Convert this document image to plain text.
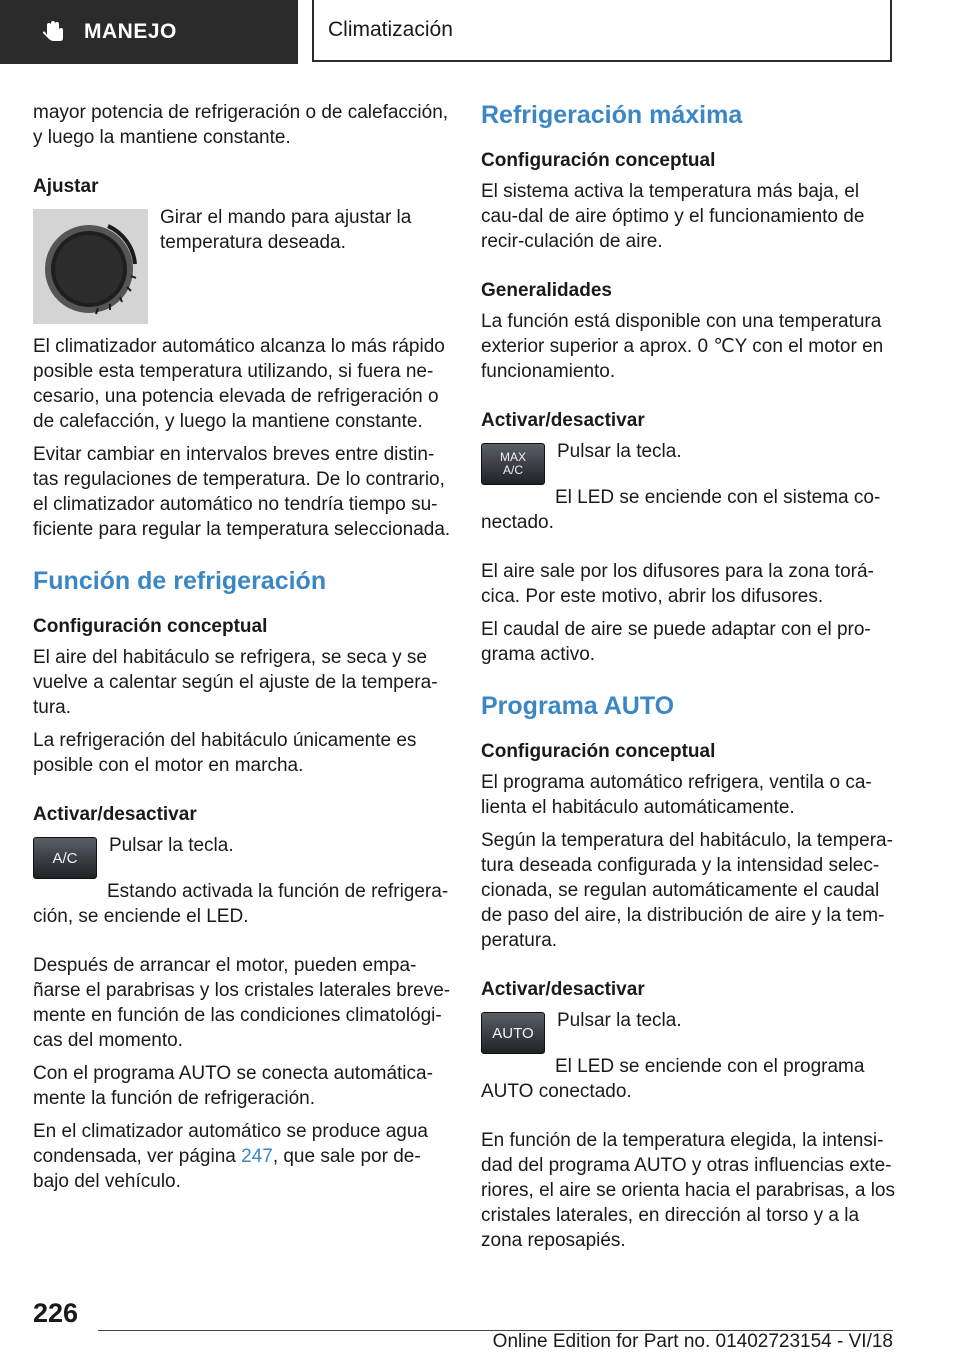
MANEJO	Climatización

mayor potencia de refrigeración o de calefacción, y luego la mantiene constante.

Ajustar

Girar el mando para ajustar la temperatura deseada.

El climatizador automático alcanza lo más rápido posible esta temperatura utilizando, si fuera ne-cesario, una potencia elevada de refrigeración o de calefacción, y luego la mantiene constante.

Evitar cambiar en intervalos breves entre distin-tas regulaciones de temperatura. De lo contrario, el climatizador automático no tendría tiempo su-ficiente para regular la temperatura seleccionada.

Función de refrigeración
Configuración conceptual

El aire del habitáculo se refrigera, se seca y se vuelve a calentar según el ajuste de la tempera-tura.

La refrigeración del habitáculo únicamente es posible con el motor en marcha.

Activar/desactivar
A/C

Pulsar la tecla.

Estando activada la función de refrigera-ción, se enciende el LED.

Después de arrancar el motor, pueden empa-ñarse el parabrisas y los cristales laterales breve-mente en función de las condiciones climatológi-cas del momento.

Con el programa AUTO se conecta automática-mente la función de refrigeración.

En el climatizador automático se produce agua condensada, ver página 247, que sale por de-bajo del vehículo.

Refrigeración máxima
Configuración conceptual

El sistema activa la temperatura más baja, el cau-dal de aire óptimo y el funcionamiento de recir-culación de aire.

Generalidades

La función está disponible con una temperatura exterior superior a aprox. 0 ℃Y con el motor en funcionamiento.

Activar/desactivar
MAX
A/C

Pulsar la tecla.

El LED se enciende con el sistema co-nectado.

El aire sale por los difusores para la zona torá-cica. Por este motivo, abrir los difusores.

El caudal de aire se puede adaptar con el pro-grama activo.

Programa AUTO
Configuración conceptual

El programa automático refrigera, ventila o ca-lienta el habitáculo automáticamente.

Según la temperatura del habitáculo, la tempera-tura deseada configurada y la intensidad selec-cionada, se regulan automáticamente el caudal de paso del aire, la distribución de aire y la tem-peratura.

Activar/desactivar
AUTO

Pulsar la tecla.

El LED se enciende con el programa AUTO conectado.

En función de la temperatura elegida, la intensi-dad del programa AUTO y otras influencias exte-riores, el aire se orienta hacia el parabrisas, a los cristales laterales, en dirección al torso y a la zona reposapiés.

226
Online Edition for Part no. 01402723154 - VI/18
